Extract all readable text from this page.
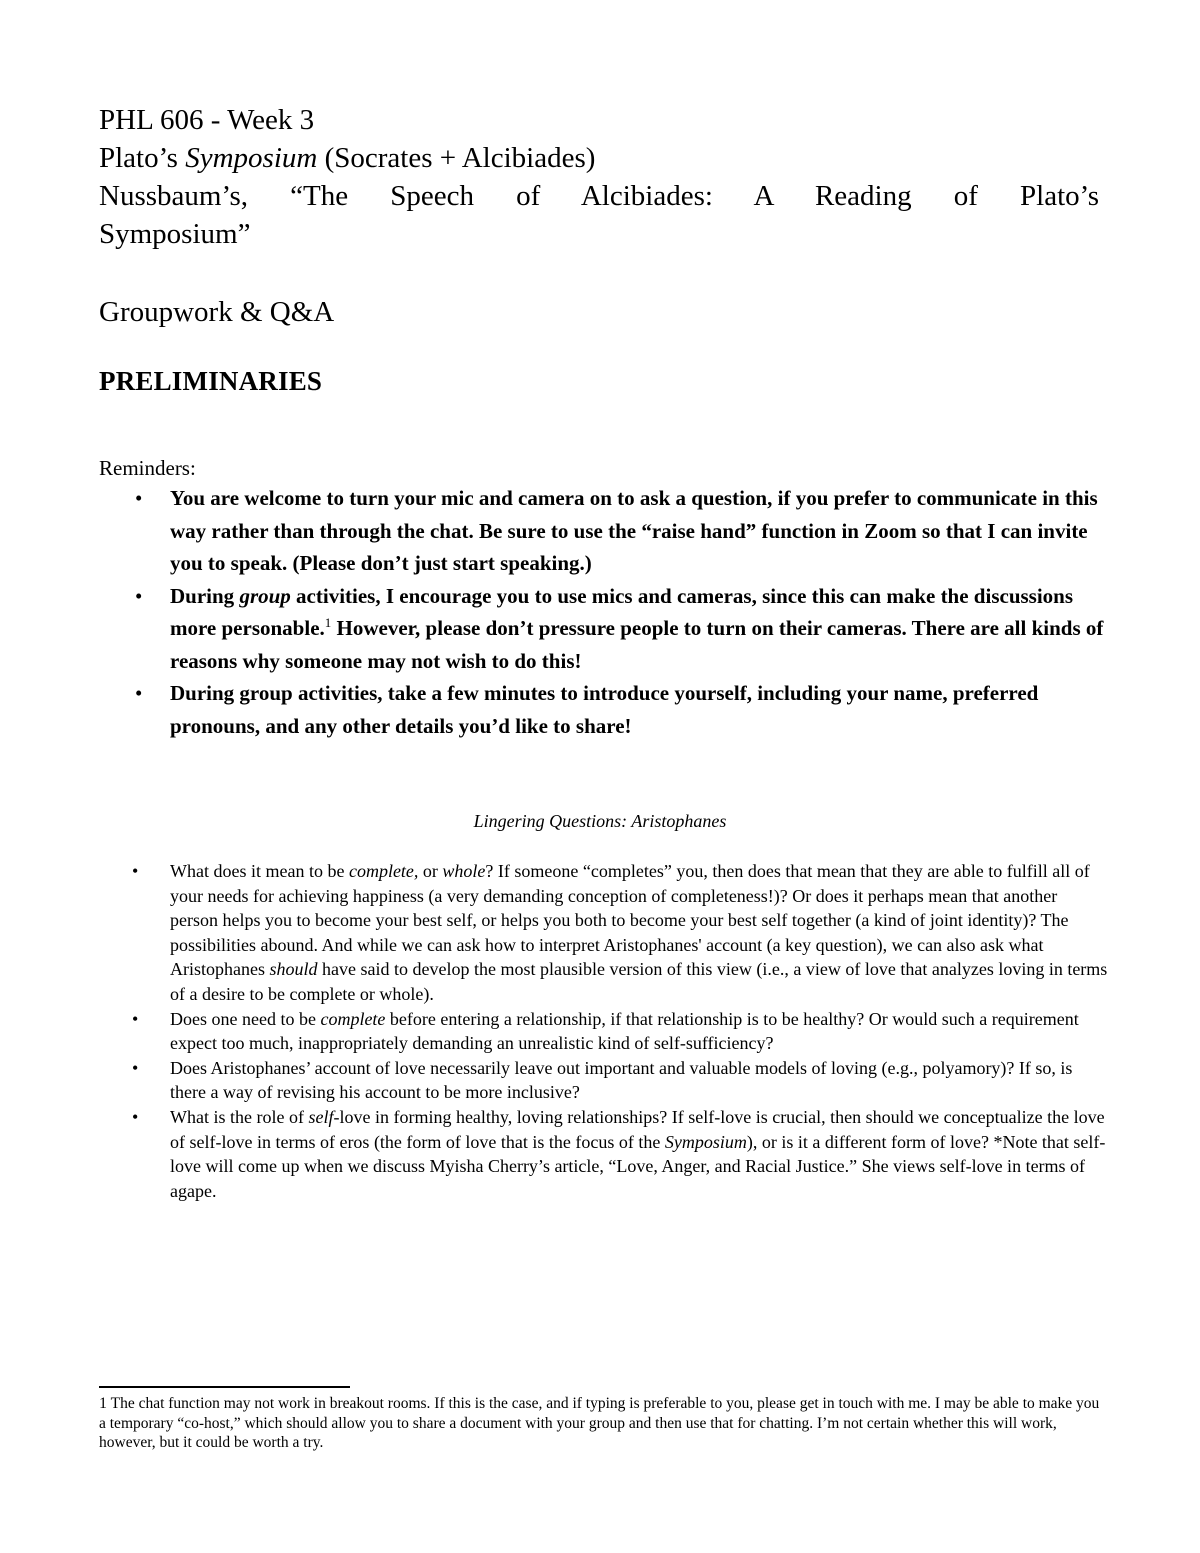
PHL 606 - Week 3
Plato’s Symposium (Socrates + Alcibiades)
Nussbaum’s, “The Speech of Alcibiades: A Reading of Plato’s
Symposium”
Groupwork & Q&A
PRELIMINARIES
Reminders:
• You are welcome to turn your mic and camera on to ask a question, if you prefer to communicate in this way rather than through the chat. Be sure to use the “raise hand” function in Zoom so that I can invite you to speak. (Please don’t just start speaking.)
• During group activities, I encourage you to use mics and cameras, since this can make the discussions more personable.$^1$ However, please don’t pressure people to turn on their cameras. There are all kinds of reasons why someone may not wish to do this!
• During group activities, take a few minutes to introduce yourself, including your name, preferred pronouns, and any other details you’d like to share!
Lingering Questions: Aristophanes
• What does it mean to be complete, or whole? If someone “completes” you, then does that mean that they are able to fulfill all of your needs for achieving happiness (a very demanding conception of completeness!)? Or does it perhaps mean that another person helps you to become your best self, or helps you both to become your best self together (a kind of joint identity)? The possibilities abound. And while we can ask how to interpret Aristophanes' account (a key question), we can also ask what Aristophanes should have said to develop the most plausible version of this view (i.e., a view of love that analyzes loving in terms of a desire to be complete or whole).
• Does one need to be complete before entering a relationship, if that relationship is to be healthy? Or would such a requirement expect too much, inappropriately demanding an unrealistic kind of self-sufficiency?
• Does Aristophanes’ account of love necessarily leave out important and valuable models of loving (e.g., polyamory)? If so, is there a way of revising his account to be more inclusive?
• What is the role of self-love in forming healthy, loving relationships? If self-love is crucial, then should we conceptualize the love of self-love in terms of eros (the form of love that is the focus of the Symposium), or is it a different form of love? *Note that self-love will come up when we discuss Myisha Cherry’s article, “Love, Anger, and Racial Justice.” She views self-love in terms of agape.
1 The chat function may not work in breakout rooms. If this is the case, and if typing is preferable to you, please get in touch with me. I may be able to make you a temporary “co-host,” which should allow you to share a document with your group and then use that for chatting. I’m not certain whether this will work, however, but it could be worth a try.
